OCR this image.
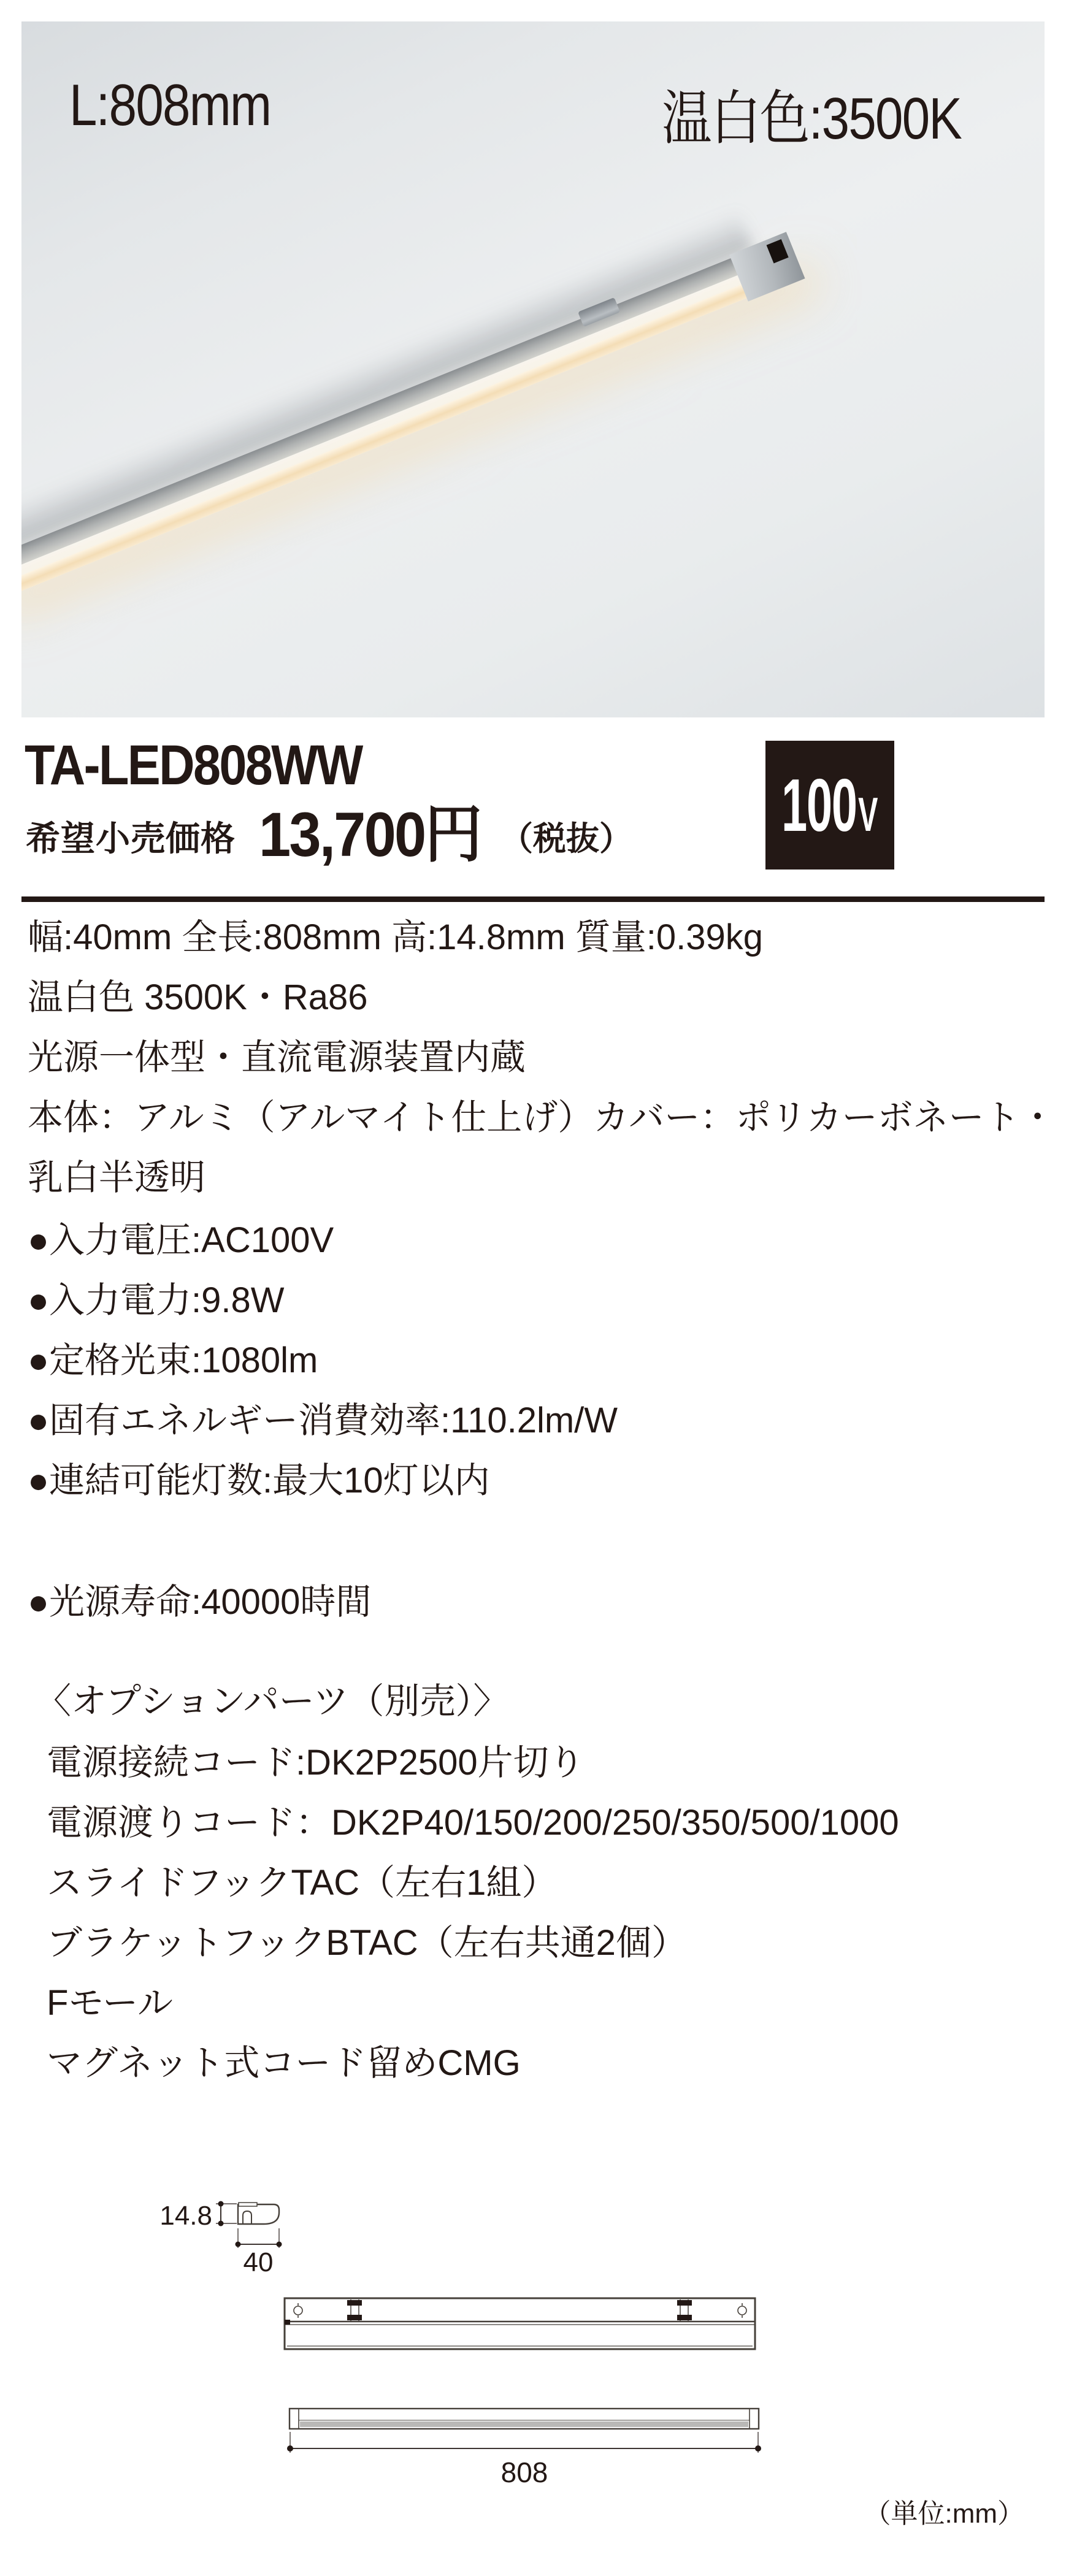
L:808mm	温白色:3500K
TA-LED808WW
希望小売価格 13,700円 （税抜） 100 V
幅:40mm 全長:808mm 高:14.8mm 質量:0.39kg
温白色 3500K・Ra86
光源一体型・直流電源装置内蔵
本体：アルミ（アルマイト仕上げ）カバー：ポリカーボネート・
乳白半透明
●入力電圧:AC100V
●入力電力:9.8W
●定格光束:1080lm
●固有エネルギー消費効率:110.2lm/W
●連結可能灯数:最大10灯以内
●光源寿命:40000時間
〈オプションパーツ（別売）〉
電源接続コード:DK2P2500片切り
電源渡りコード：DK2P40/150/200/250/350/500/1000
スライドフックTAC（左右1組）
ブラケットフックBTAC（左右共通2個）
Fモール
マグネット式コード留めCMG
14.8
40
808
（単位:mm）
